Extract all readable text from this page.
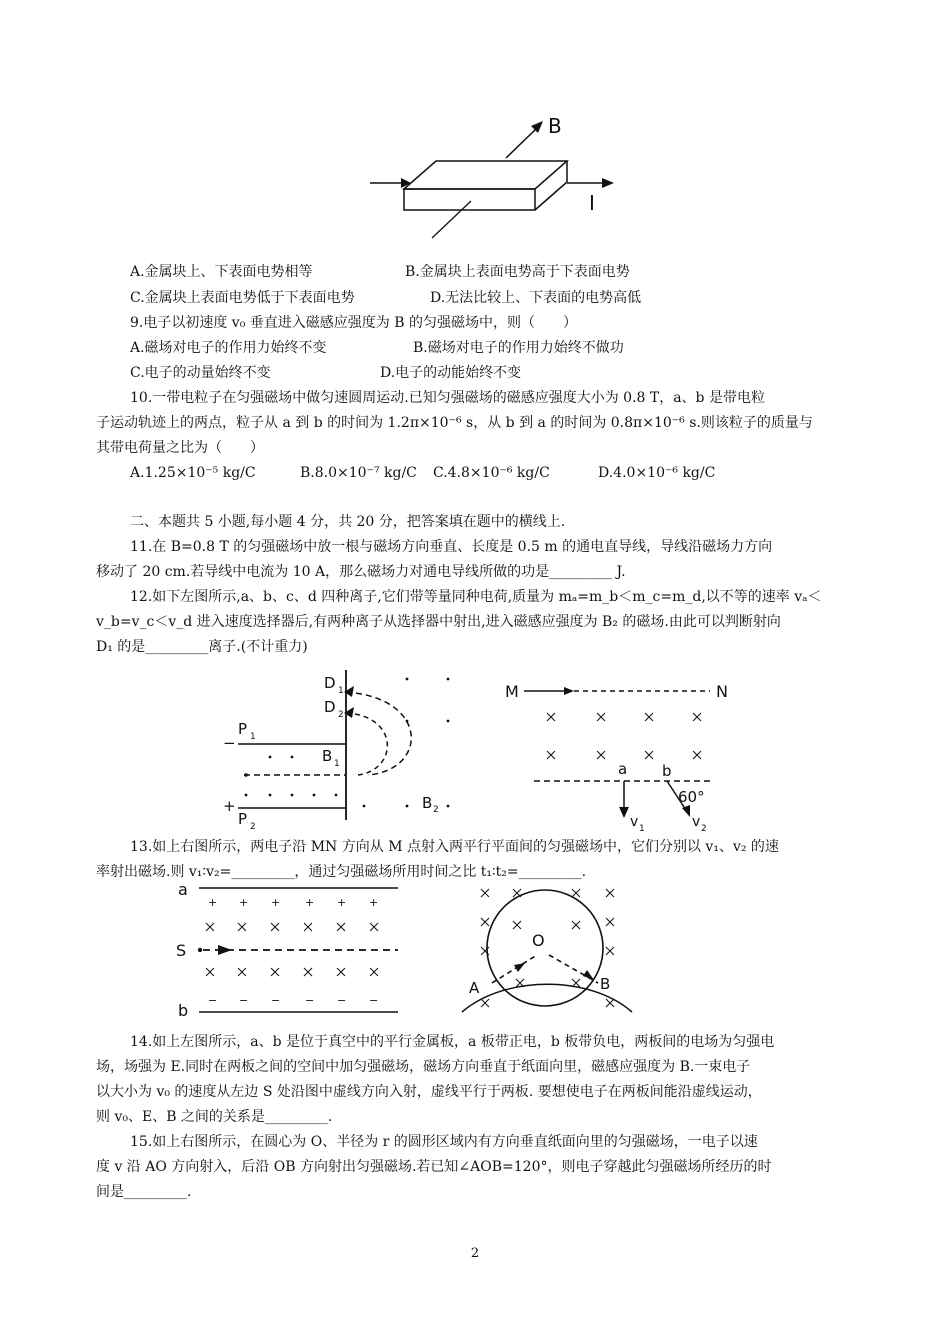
B
I
A.金属块上、下表面电势相等	B.金属块上表面电势高于下表面电势
C.金属块上表面电势低于下表面电势	D.无法比较上、下表面的电势高低
9.电子以初速度 v₀ 垂直进入磁感应强度为 B 的匀强磁场中，则（　　）
A.磁场对电子的作用力始终不变	B.磁场对电子的作用力始终不做功
C.电子的动量始终不变	D.电子的动能始终不变
10.一带电粒子在匀强磁场中做匀速圆周运动.已知匀强磁场的磁感应强度大小为 0.8 T，a、b 是带电粒
子运动轨迹上的两点，粒子从 a 到 b 的时间为 1.2π×10⁻⁶ s，从 b 到 a 的时间为 0.8π×10⁻⁶ s.则该粒子的质量与
其带电荷量之比为（　　）
A.1.25×10⁻⁵ kg/C	B.8.0×10⁻⁷ kg/C C.4.8×10⁻⁶ kg/C	D.4.0×10⁻⁶ kg/C
二、本题共 5 小题,每小题 4 分，共 20 分，把答案填在题中的横线上.
11.在 B=0.8 T 的匀强磁场中放一根与磁场方向垂直、长度是 0.5 m 的通电直导线，导线沿磁场力方向
移动了 20 cm.若导线中电流为 10 A，那么磁场力对通电导线所做的功是_________ J.
12.如下左图所示,a、b、c、d 四种离子,它们带等量同种电荷,质量为 mₐ=m_b＜m_c=m_d,以不等的速率 vₐ＜
v_b=v_c＜v_d 进入速度选择器后,有两种离子从选择器中射出,进入磁感应强度为 B₂ 的磁场.由此可以判断射向
D₁ 的是_________离子.(不计重力)
D 1
D 2
−
P 1
B 1
+
P 2
B 2
M	N
a b
60°
v 1	v 2
13.如上右图所示，两电子沿 MN 方向从 M 点射入两平行平面间的匀强磁场中，它们分别以 v₁、v₂ 的速
率射出磁场.则 v₁∶v₂=_________，通过匀强磁场所用时间之比 t₁∶t₂=_________.
+ + + + + +
− − − − − −
a
S
b
O
A	B
14.如上左图所示，a、b 是位于真空中的平行金属板，a 板带正电，b 板带负电，两板间的电场为匀强电
场，场强为 E.同时在两板之间的空间中加匀强磁场，磁场方向垂直于纸面向里，磁感应强度为 B.一束电子
以大小为 v₀ 的速度从左边 S 处沿图中虚线方向入射，虚线平行于两板. 要想使电子在两板间能沿虚线运动，
则 v₀、E、B 之间的关系是_________.
15.如上右图所示，在圆心为 O、半径为 r 的圆形区域内有方向垂直纸面向里的匀强磁场，一电子以速
度 v 沿 AO 方向射入，后沿 OB 方向射出匀强磁场.若已知∠AOB=120°，则电子穿越此匀强磁场所经历的时
间是_________.
2
